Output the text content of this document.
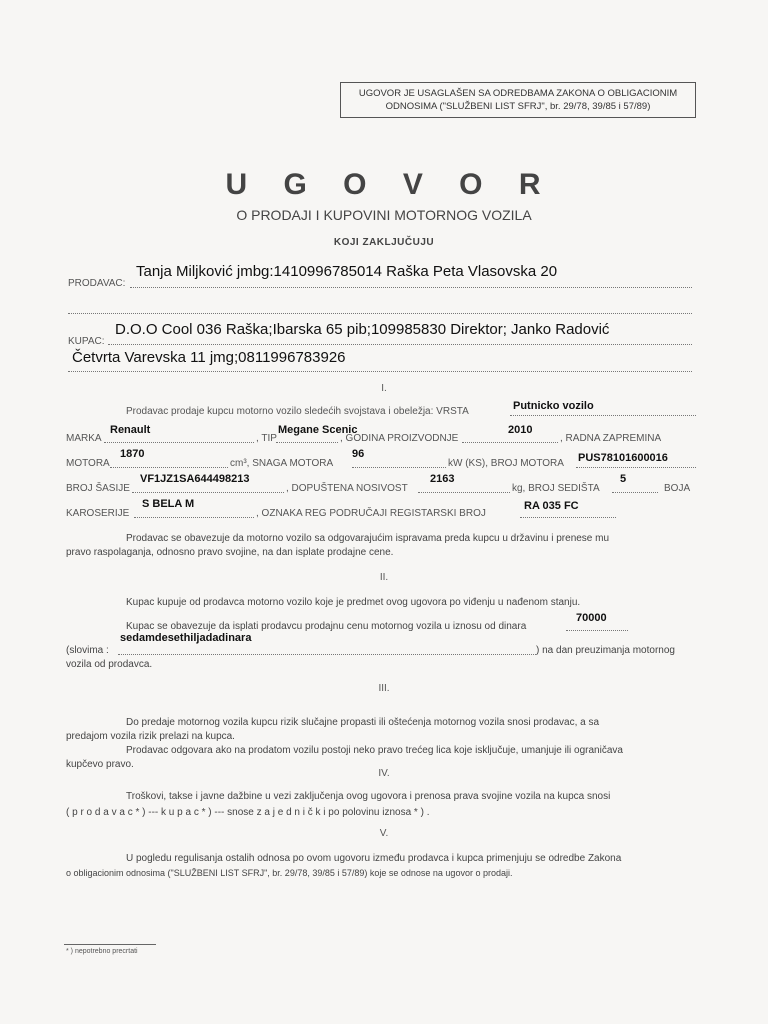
UGOVOR JE USAGLAŠEN SA ODREDBAMA ZAKONA O OBLIGACIONIM
ODNOSIMA ("SLUŽBENI LIST SFRJ", br. 29/78, 39/85 i 57/89)
U G O V O R
O PRODAJI I KUPOVINI MOTORNOG VOZILA
KOJI ZAKLJUČUJU
PRODAVAC:
Tanja Miljković jmbg:1410996785014 Raška Peta Vlasovska 20
KUPAC:
D.O.O Cool 036 Raška;Ibarska 65 pib;109985830 Direktor; Janko Radović
Četvrta Varevska 11 jmg;0811996783926
I.
Prodavac prodaje kupcu motorno vozilo sledećih svojstava i obeležja: VRSTA	Putnicko vozilo
MARKA
Renault
, TIP
Megane Scenic
, GODINA PROIZVODNJE
2010
, RADNA ZAPREMINA
MOTORA
1870
cm³, SNAGA MOTORA
96
kW (KS), BROJ MOTORA PUS78101600016
BROJ ŠASIJE
VF1JZ1SA644498213
, DOPUŠTENA NOSIVOST
2163
kg, BROJ SEDIŠTA
5
BOJA
KAROSERIJE
S BELA M
, OZNAKA REG PODRUČAJI REGISTARSKI BROJ
RA 035 FC
Prodavac se obavezuje da motorno vozilo sa odgovarajućim ispravama preda kupcu u državinu i prenese mu
pravo raspolaganja, odnosno pravo svojine, na dan isplate prodajne cene.
II.
Kupac kupuje od prodavca motorno vozilo koje je predmet ovog ugovora po viđenju u nađenom stanju.
Kupac se obavezuje da isplati prodavcu prodajnu cenu motornog vozila u iznosu od dinara
70000
(slovima :
sedamdesethiljadadinara
) na dan preuzimanja motornog
vozila od prodavca.
III.
Do predaje motornog vozila kupcu rizik slučajne propasti ili oštećenja motornog vozila snosi prodavac, a sa
predajom vozila rizik prelazi na kupca.
Prodavac odgovara ako na prodatom vozilu postoji neko pravo trećeg lica koje isključuje, umanjuje ili ograničava
kupčevo pravo.
IV.
Troškovi, takse i javne dažbine u vezi zaključenja ovog ugovora i prenosa prava svojine vozila na kupca snosi
( p r o d a v a c * ) --- k u p a c * ) --- snose z a j e d n i č k i po polovinu iznosa * ) .
V.
U pogledu regulisanja ostalih odnosa po ovom ugovoru između prodavca i kupca primenjuju se odredbe Zakona
o obligacionim odnosima ("SLUŽBENI LIST SFRJ", br. 29/78, 39/85 i 57/89) koje se odnose na ugovor o prodaji.
* ) nepotrebno precrtati
